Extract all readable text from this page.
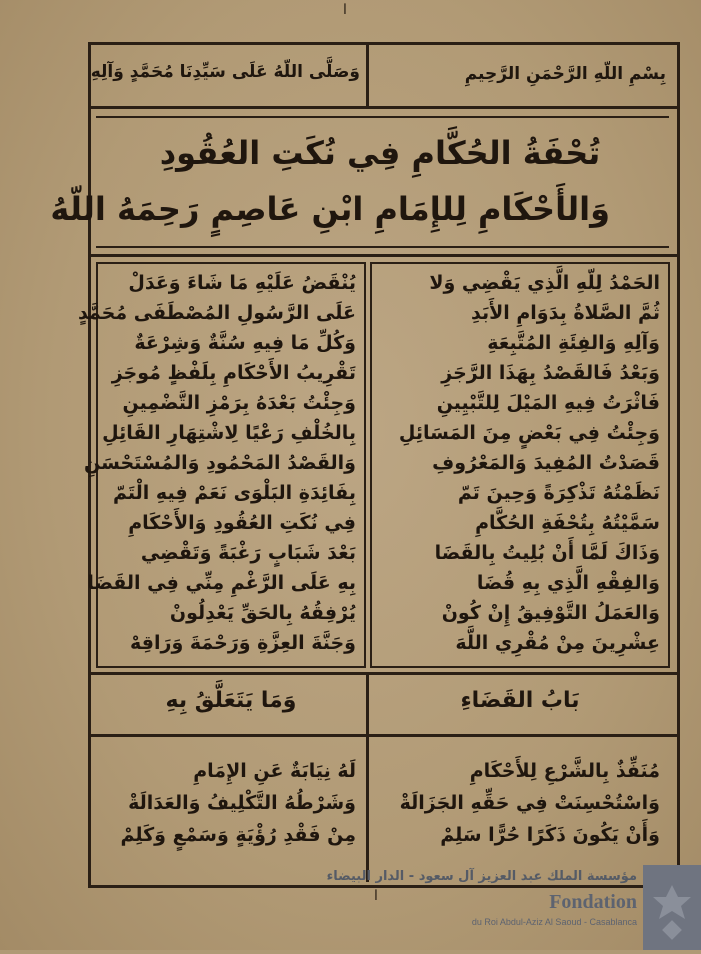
ا
بِسْمِ اللّهِ الرَّحْمَنِ الرَّحِيمِ
وَصَلَّى اللّهُ عَلَى سَيِّدِنَا مُحَمَّدٍ وَآلِهِ
تُحْفَةُ الحُكَّامِ فِي نُكَتِ العُقُودِ
وَالأَحْكَامِ لِلإِمَامِ ابْنِ عَاصِمٍ رَحِمَهُ اللّهُ
الحَمْدُ لِلّهِ الَّذِي يَقْضِي وَلا
ثُمَّ الصَّلاةُ بِدَوَامِ الأَبَدِ
وَآلِهِ وَالفِئَةِ المُتَّبِعَةِ
وَبَعْدُ فَالقَصْدُ بِهَذَا الرَّجَزِ
فَاثْرَتُ فِيهِ المَيْلَ لِلتَّبْيِينِ
وَجِئْتُ فِي بَعْضٍ مِنَ المَسَائِلِ
قَصَدْتُ المُفِيدَ وَالمَعْرُوفِ
نَظَمْتُهُ تَذْكِرَةً وَحِينَ تَمّ
سَمَّيْتُهُ بِتُحْفَةِ الحُكَّامِ
وَذَاكَ لَمَّا أَنْ بُلِيتُ بِالقَضَا
وَالفِقْهِ الَّذِي بِهِ قُضَا
وَالعَمَلُ التَّوْفِيقُ إِنْ كُونْ
عِشْرِينَ مِنْ مُقْرِي اللَّهَ
يُنْقَضُ عَلَيْهِ مَا شَاءَ وَعَدَلْ
عَلَى الرَّسُولِ المُصْطَفَى مُحَمَّدٍ
وَكُلِّ مَا فِيهِ سُنَّةٌ وَشِرْعَةٌ
تَقْرِيبُ الأَحْكَامِ بِلَفْظٍ مُوجَزِ
وَجِئْتُ بَعْدَهُ بِرَمْزِ التَّضْمِينِ
بِالخُلْفِ رَعْيًا لِاشْتِهَارِ القَائِلِ
وَالقَصْدُ المَحْمُودِ وَالمُسْتَحْسَنِ
بِفَائِدَةِ البَلْوَى نَعَمْ فِيهِ الْتَمّ
فِي نُكَتِ العُقُودِ وَالأَحْكَامِ
بَعْدَ شَبَابٍ رَغْبَةً وَتَقْضِي
بِهِ عَلَى الرَّغْمِ مِنِّي فِي القَضَا
يُرْفِقُهُ بِالحَقِّ يَعْدِلُونْ
وَجَنَّةَ العِزَّةِ وَرَحْمَةَ وَرَاقِهْ
بَابُ القَضَاءِ
وَمَا يَتَعَلَّقُ بِهِ
مُنَفِّذٌ بِالشَّرْعِ لِلأَحْكَامِ
وَاسْتُحْسِنَتْ فِي حَقِّهِ الجَزَالَةْ
وَأَنْ يَكُونَ ذَكَرًا حُرًّا سَلِمْ
لَهُ نِيَابَةٌ عَنِ الإِمَامِ
وَشَرْطُهُ التَّكْلِيفُ وَالعَدَالَةْ
مِنْ فَقْدِ رُؤْيَةٍ وَسَمْعٍ وَكَلِمْ
ا
مؤسسة الملك عبد العزيز آل سعود - الدار البيضاء
Fondation
du Roi Abdul-Aziz Al Saoud - Casablanca
